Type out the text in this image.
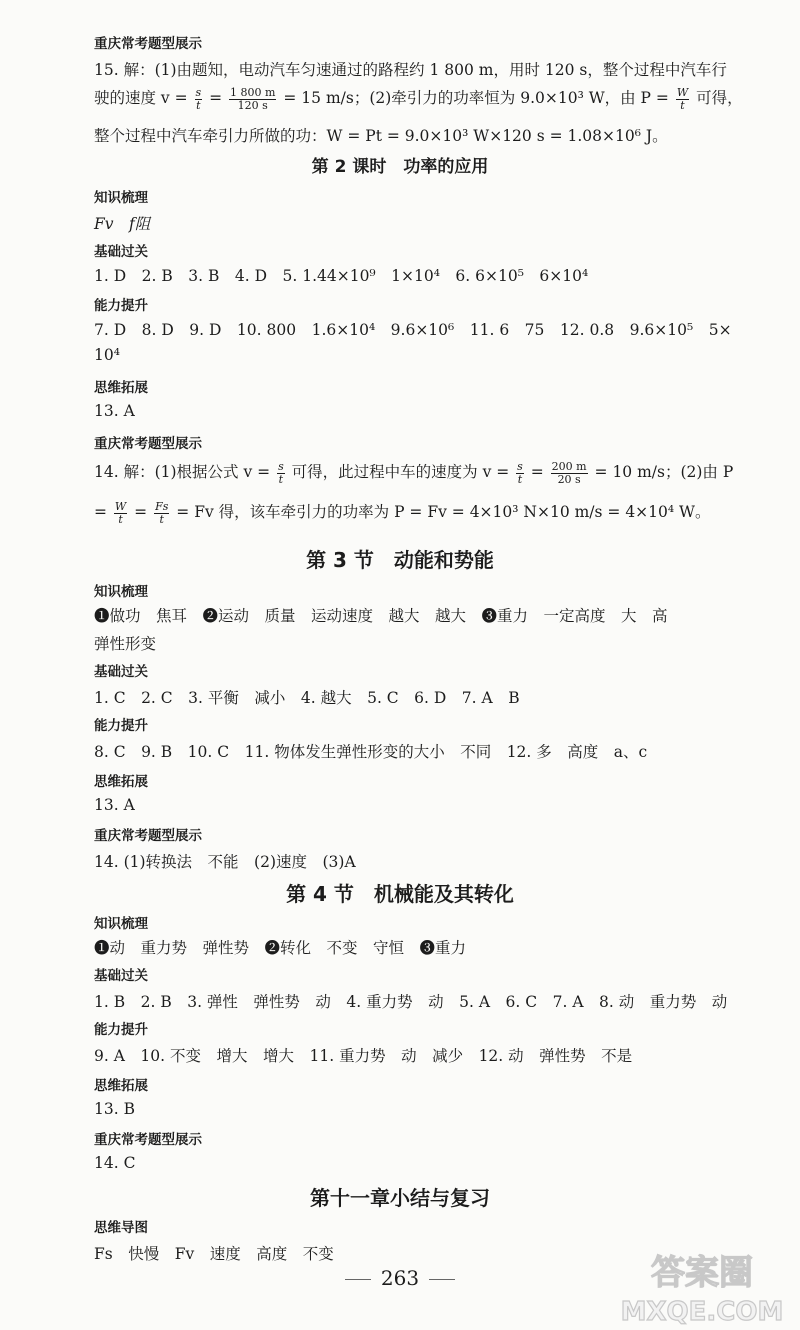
重庆常考题型展示
15. 解：(1)由题知，电动汽车匀速通过的路程约 1 800 m，用时 120 s，整个过程中汽车行
驶的速度 $v = \frac{s}{t} = \frac{1 800 m}{120 s} = 15$ m/s；(2)牵引力的功率恒为 9.0×10³ W，由 $P = \frac{W}{t}$ 可得，
整个过程中汽车牵引力所做的功：W = Pt = 9.0×10³ W×120 s = 1.08×10⁶ J。
第 2 课时　功率的应用
知识梳理
Fv　f阻
基础过关
1. D　2. B　3. B　4. D　5. 1.44×10⁹　1×10⁴　6. 6×10⁵　6×10⁴
能力提升
7. D　8. D　9. D　10. 800　1.6×10⁴　9.6×10⁶　11. 6　75　12. 0.8　9.6×10⁵　5×
10⁴
思维拓展
13. A
重庆常考题型展示
14. 解：(1)根据公式 $v = \frac{s}{t}$ 可得，此过程中车的速度为 $v = \frac{s}{t} = \frac{200 m}{20 s} = 10$ m/s；(2)由 P
= $\frac{W}{t} = \frac{Fs}{t} = Fv$ 得，该车牵引力的功率为 P = Fv = 4×10³ N×10 m/s = 4×10⁴ W。
第 3 节　动能和势能
知识梳理
❶做功　焦耳　❷运动　质量　运动速度　越大　越大　❸重力　一定高度　大　高
弹性形变
基础过关
1. C　2. C　3. 平衡　减小　4. 越大　5. C　6. D　7. A　B
能力提升
8. C　9. B　10. C　11. 物体发生弹性形变的大小　不同　12. 多　高度　a、c
思维拓展
13. A
重庆常考题型展示
14. (1)转换法　不能　(2)速度　(3)A
第 4 节　机械能及其转化
知识梳理
❶动　重力势　弹性势　❷转化　不变　守恒　❸重力
基础过关
1. B　2. B　3. 弹性　弹性势　动　4. 重力势　动　5. A　6. C　7. A　8. 动　重力势　动
能力提升
9. A　10. 不变　增大　增大　11. 重力势　动　减少　12. 动　弹性势　不是
思维拓展
13. B
重庆常考题型展示
14. C
第十一章小结与复习
思维导图
Fs　快慢　Fv　速度　高度　不变
263	答案圈
MXQE.COM
